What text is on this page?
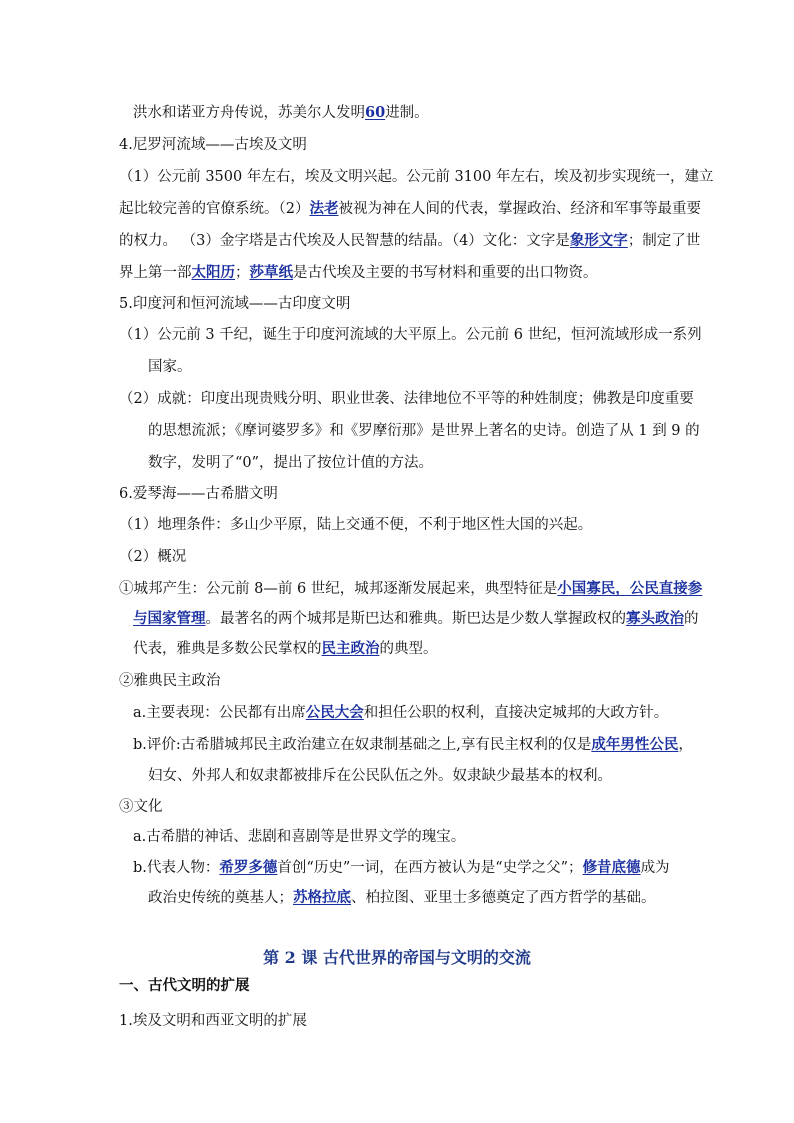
洪水和诺亚方舟传说，苏美尔人发明60进制。
4.尼罗河流域——古埃及文明
（1）公元前 3500 年左右，埃及文明兴起。公元前 3100 年左右，埃及初步实现统一，建立
起比较完善的官僚系统。（2）法老被视为神在人间的代表，掌握政治、经济和军事等最重要
的权力。 （3）金字塔是古代埃及人民智慧的结晶。（4）文化：文字是象形文字；制定了世
界上第一部太阳历；莎草纸是古代埃及主要的书写材料和重要的出口物资。
5.印度河和恒河流域——古印度文明
（1）公元前 3 千纪，诞生于印度河流域的大平原上。公元前 6 世纪，恒河流域形成一系列
国家。
（2）成就：印度出现贵贱分明、职业世袭、法律地位不平等的种姓制度；佛教是印度重要
的思想流派；《摩诃婆罗多》和《罗摩衍那》是世界上著名的史诗。创造了从 1 到 9 的
数字，发明了“0”，提出了按位计值的方法。
6.爱琴海——古希腊文明
（1）地理条件：多山少平原，陆上交通不便，不利于地区性大国的兴起。
（2）概况
①城邦产生：公元前 8—前 6 世纪，城邦逐渐发展起来，典型特征是小国寡民，公民直接参
与国家管理。最著名的两个城邦是斯巴达和雅典。斯巴达是少数人掌握政权的寡头政治的
代表，雅典是多数公民掌权的民主政治的典型。
②雅典民主政治
a.主要表现：公民都有出席公民大会和担任公职的权利，直接决定城邦的大政方针。
b.评价:古希腊城邦民主政治建立在奴隶制基础之上,享有民主权利的仅是成年男性公民，
妇女、外邦人和奴隶都被排斥在公民队伍之外。奴隶缺少最基本的权利。
③文化
a.古希腊的神话、悲剧和喜剧等是世界文学的瑰宝。
b.代表人物：希罗多德首创“历史”一词，在西方被认为是“史学之父”；修昔底德成为
政治史传统的奠基人；苏格拉底、柏拉图、亚里士多德奠定了西方哲学的基础。
第 2 课 古代世界的帝国与文明的交流
一、古代文明的扩展
1.埃及文明和西亚文明的扩展
